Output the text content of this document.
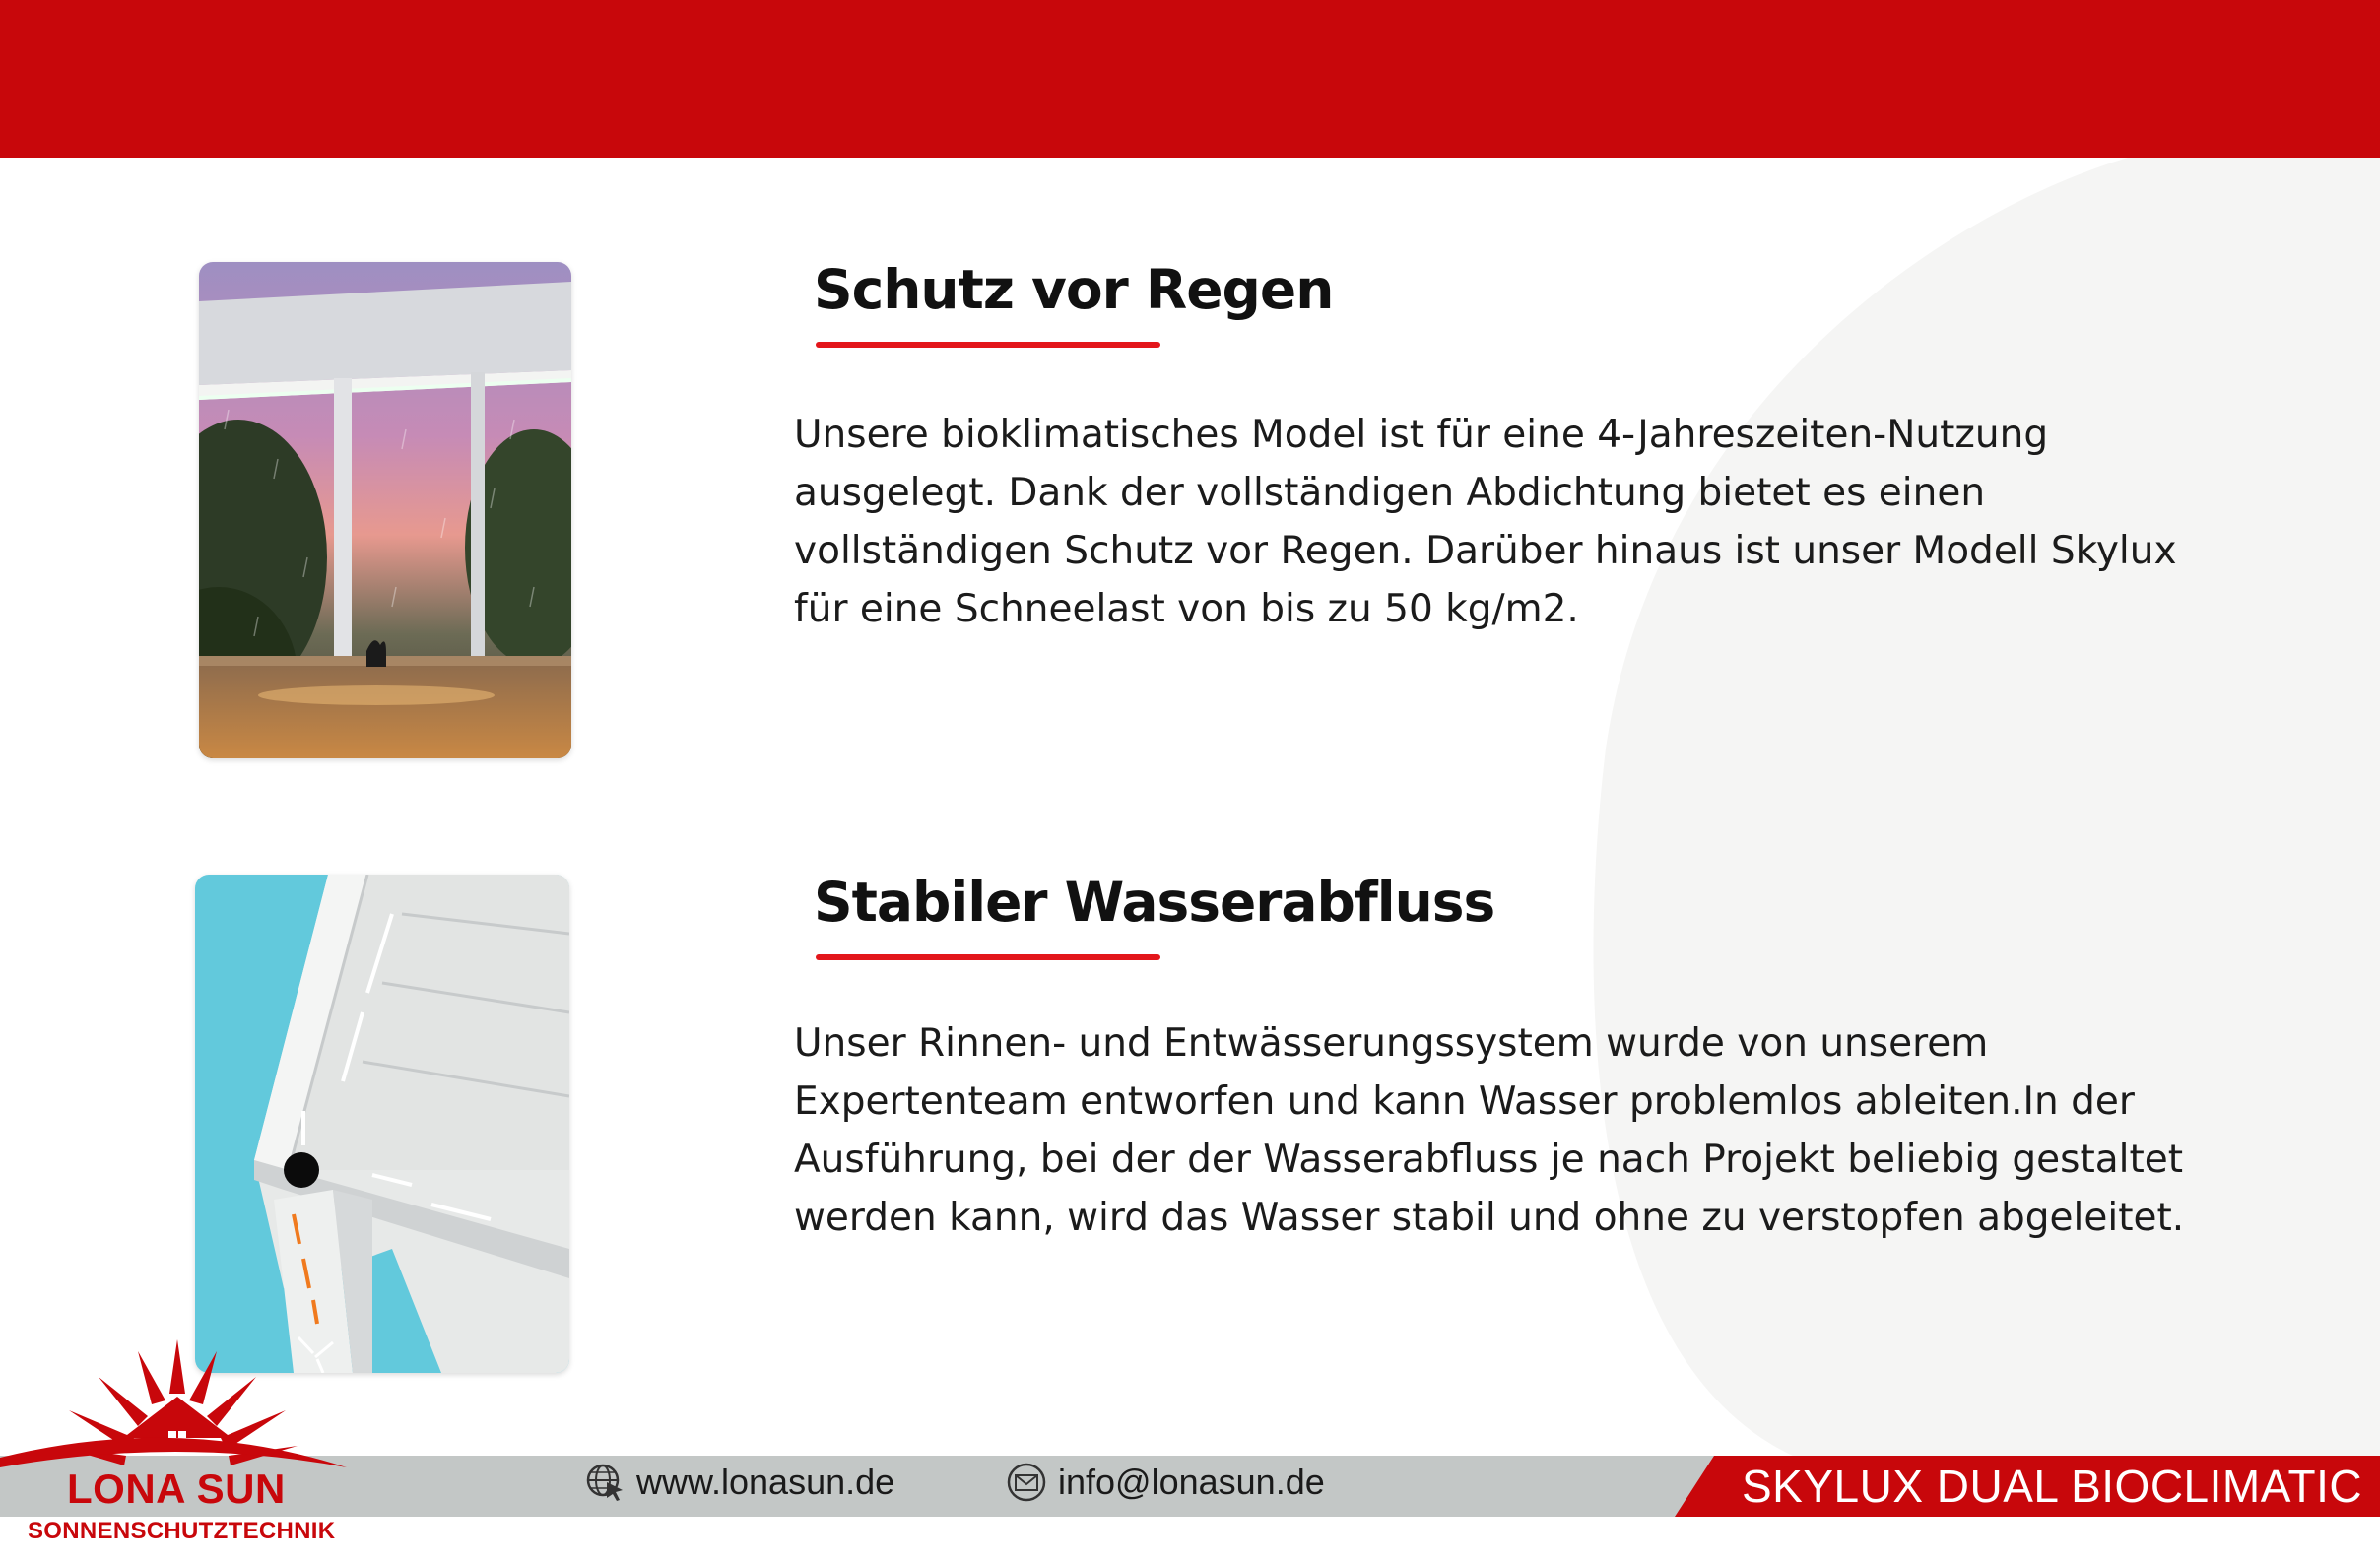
Schutz vor Regen

Unsere bioklimatisches Model ist für eine 4-Jahreszeiten-Nutzung ausgelegt. Dank der vollständigen Abdichtung bietet es einen vollständigen Schutz vor Regen. Darüber hinaus ist unser Modell Skylux für eine Schneelast von bis zu 50 kg/m2.

Stabiler Wasserabfluss

Unser Rinnen- und Entwässerungssystem wurde von unserem Expertenteam entworfen und kann Wasser problemlos ableiten.In der Ausführung, bei der der Wasserabfluss je nach Projekt beliebig gestaltet werden kann, wird das Wasser stabil und ohne zu verstopfen abgeleitet.

SKYLUX DUAL BIOCLIMATIC
www.lonasun.de	info@lonasun.de
LONA SUN
SONNENSCHUTZTECHNIK
